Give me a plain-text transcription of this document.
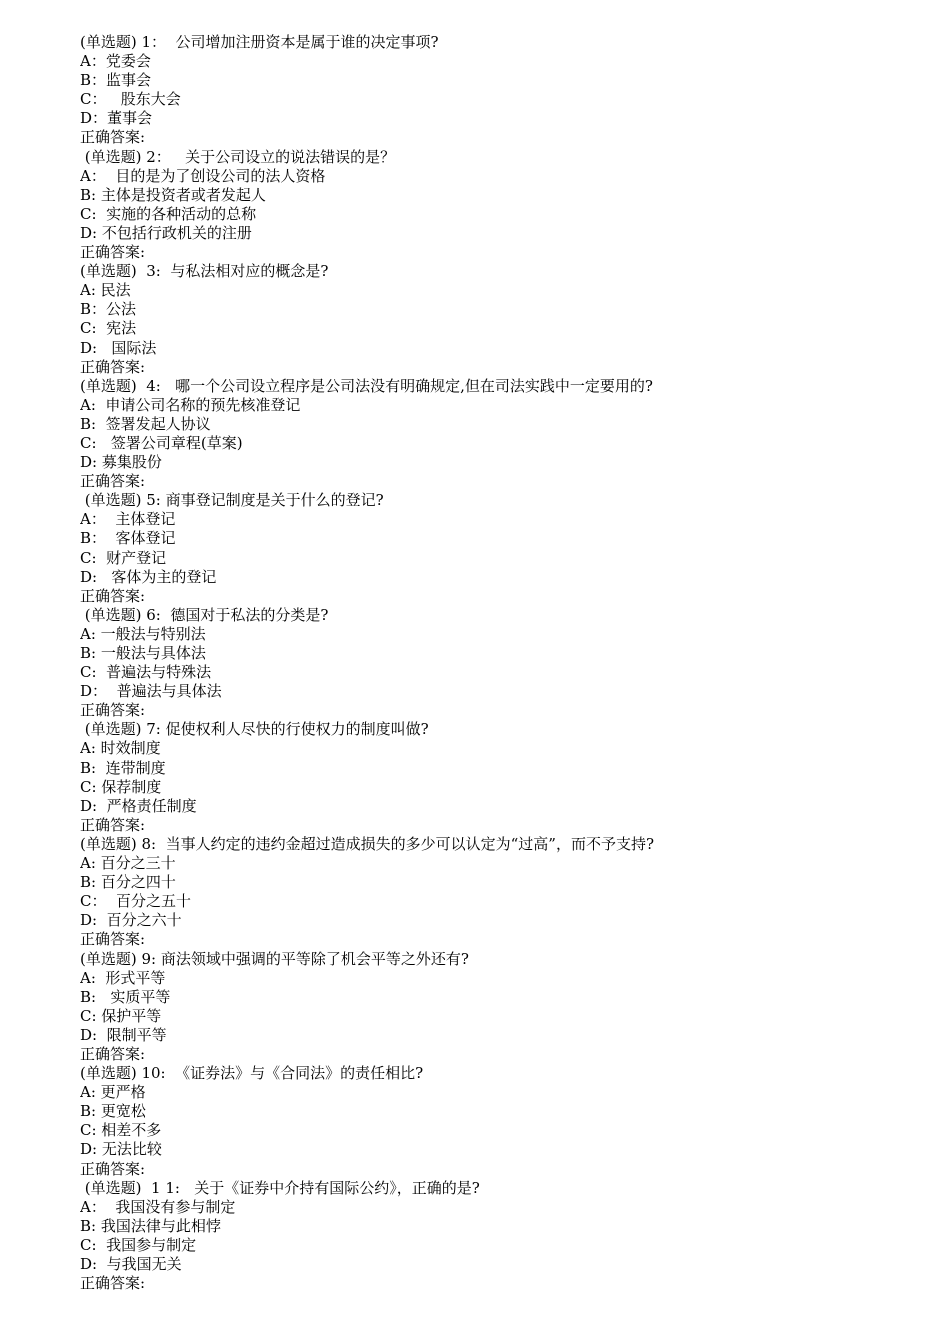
(单选题) 1：  公司增加注册资本是属于谁的决定事项?
A：党委会
B：监事会
C：   股东大会
D：董事会
正确答案:
(单选题) 2：   关于公司设立的说法错误的是？
A：  目的是为了创设公司的法人资格
B: 主体是投资者或者发起人
C:  实施的各种活动的总称
D: 不包括行政机关的注册
正确答案:
(单选题)  3:  与私法相对应的概念是?
A: 民法
B：公法
C:  宪法
D:   国际法
正确答案:
(单选题)  4:   哪一个公司设立程序是公司法没有明确规定,但在司法实践中一定要用的?
A:  申请公司名称的预先核准登记
B:  签署发起人协议
C:   签署公司章程(草案)
D: 募集股份
正确答案:
(单选题) 5: 商事登记制度是关于什么的登记?
A：  主体登记
B：  客体登记
C:  财产登记
D:   客体为主的登记
正确答案:
(单选题) 6:  德国对于私法的分类是?
A: 一般法与特别法
B: 一般法与具体法
C:  普遍法与特殊法
D：  普遍法与具体法
正确答案:
(单选题) 7: 促使权利人尽快的行使权力的制度叫做?
A: 时效制度
B:  连带制度
C: 保荐制度
D:  严格责任制度
正确答案:
(单选题) 8:  当事人约定的违约金超过造成损失的多少可以认定为“过高”，而不予支持?
A: 百分之三十
B: 百分之四十
C：  百分之五十
D:  百分之六十
正确答案:
(单选题) 9: 商法领域中强调的平等除了机会平等之外还有?
A:  形式平等
B:   实质平等
C: 保护平等
D:  限制平等
正确答案:
(单选题) 10:  《证券法》与《合同法》的责任相比?
A: 更严格
B: 更宽松
C: 相差不多
D: 无法比较
正确答案:
(单选题)  1 1:   关于《证券中介持有国际公约》，正确的是?
A：  我国没有参与制定
B: 我国法律与此相悖
C:  我国参与制定
D:  与我国无关
正确答案:
